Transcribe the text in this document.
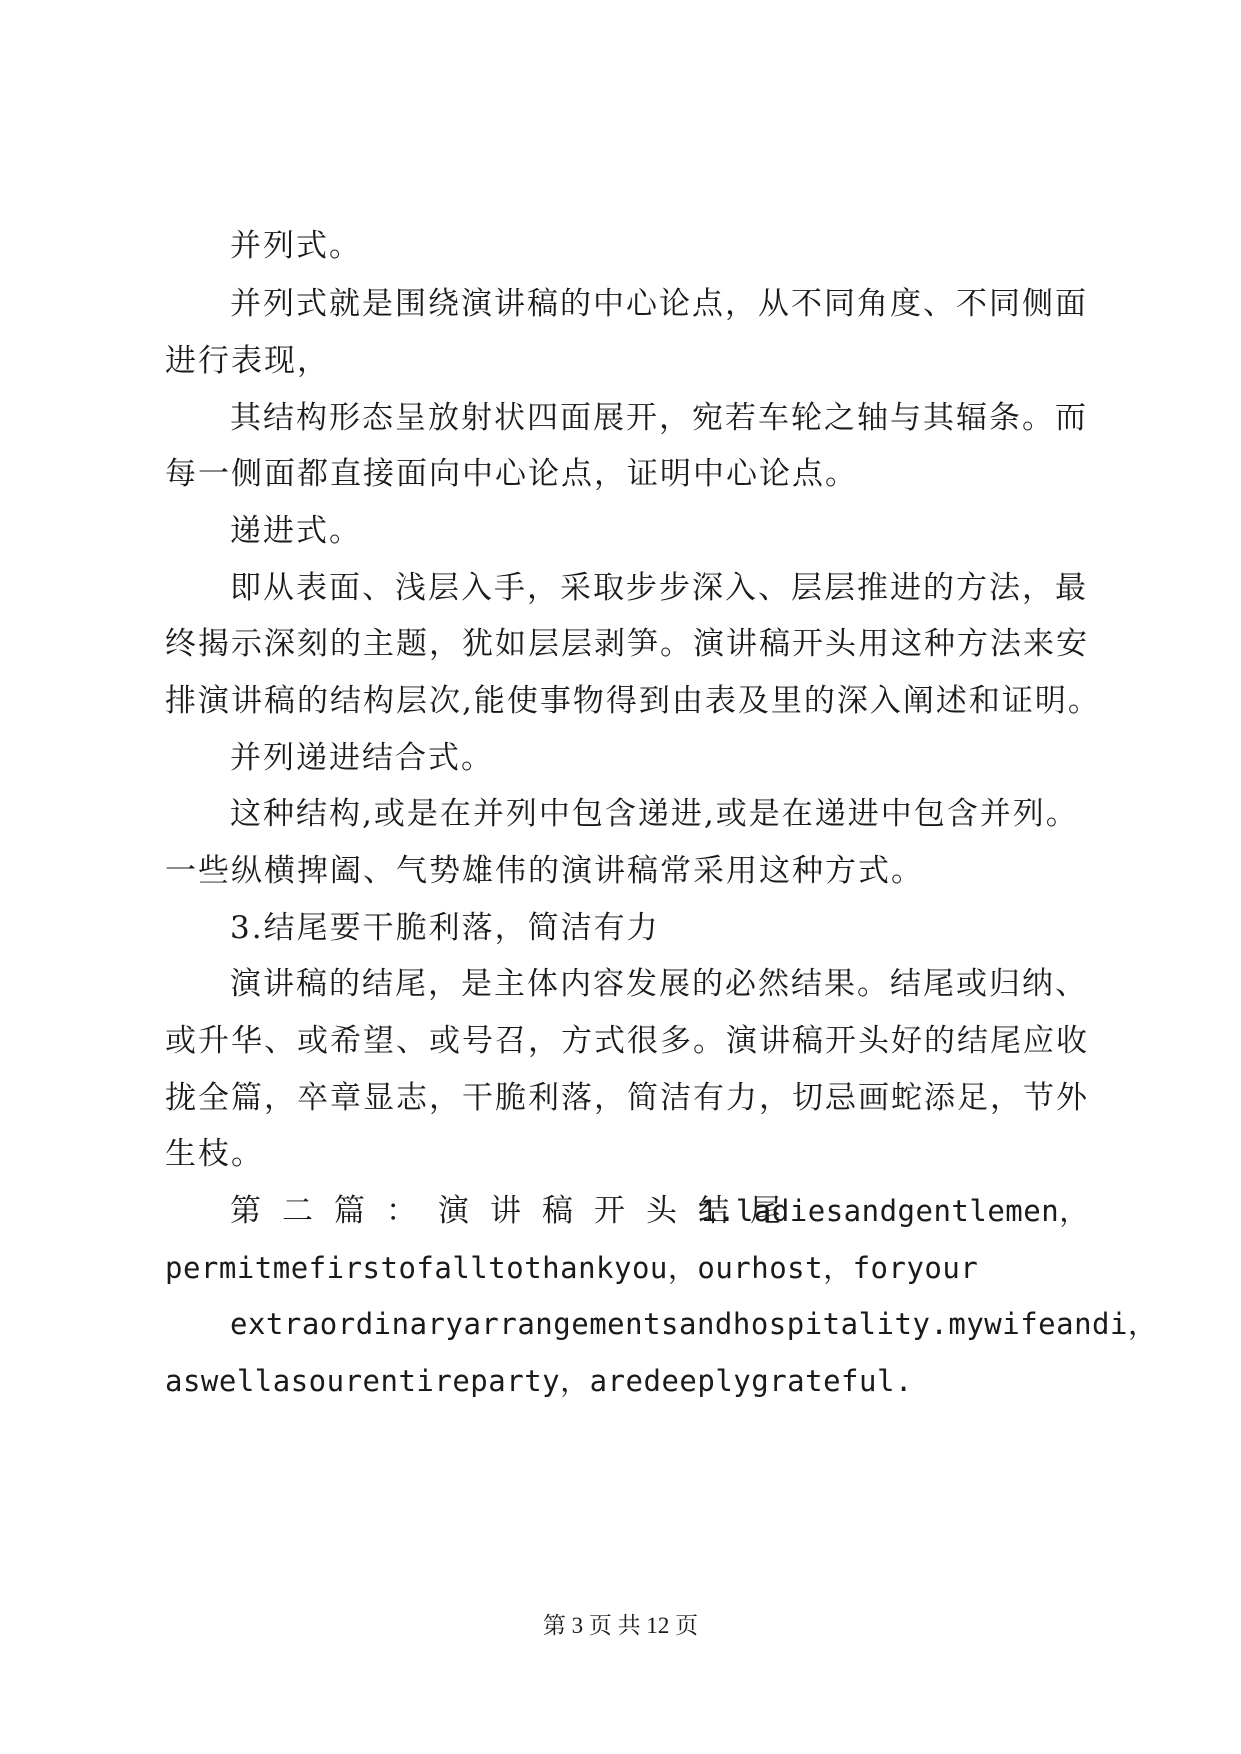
并列式。
并列式就是围绕演讲稿的中心论点，从不同角度、不同侧面
进行表现，
其结构形态呈放射状四面展开，宛若车轮之轴与其辐条。而
每一侧面都直接面向中心论点，证明中心论点。
递进式。
即从表面、浅层入手，采取步步深入、层层推进的方法，最
终揭示深刻的主题，犹如层层剥笋。演讲稿开头用这种方法来安
排演讲稿的结构层次,能使事物得到由表及里的深入阐述和证明。
并列递进结合式。
这种结构,或是在并列中包含递进,或是在递进中包含并列。
一些纵横捭阖、气势雄伟的演讲稿常采用这种方式。
3.结尾要干脆利落，简洁有力
演讲稿的结尾，是主体内容发展的必然结果。结尾或归纳、
或升华、或希望、或号召，方式很多。演讲稿开头好的结尾应收
拢全篇，卒章显志，干脆利落，简洁有力，切忌画蛇添足，节外
生枝。
第二篇：演讲稿开头结尾
1.ladiesandgentlemen，
permitmefirstofalltothankyou，ourhost，foryour
extraordinaryarrangementsandhospitality.mywifeandi，
aswellasourentireparty，aredeeplygrateful.
第 3 页 共 12 页
